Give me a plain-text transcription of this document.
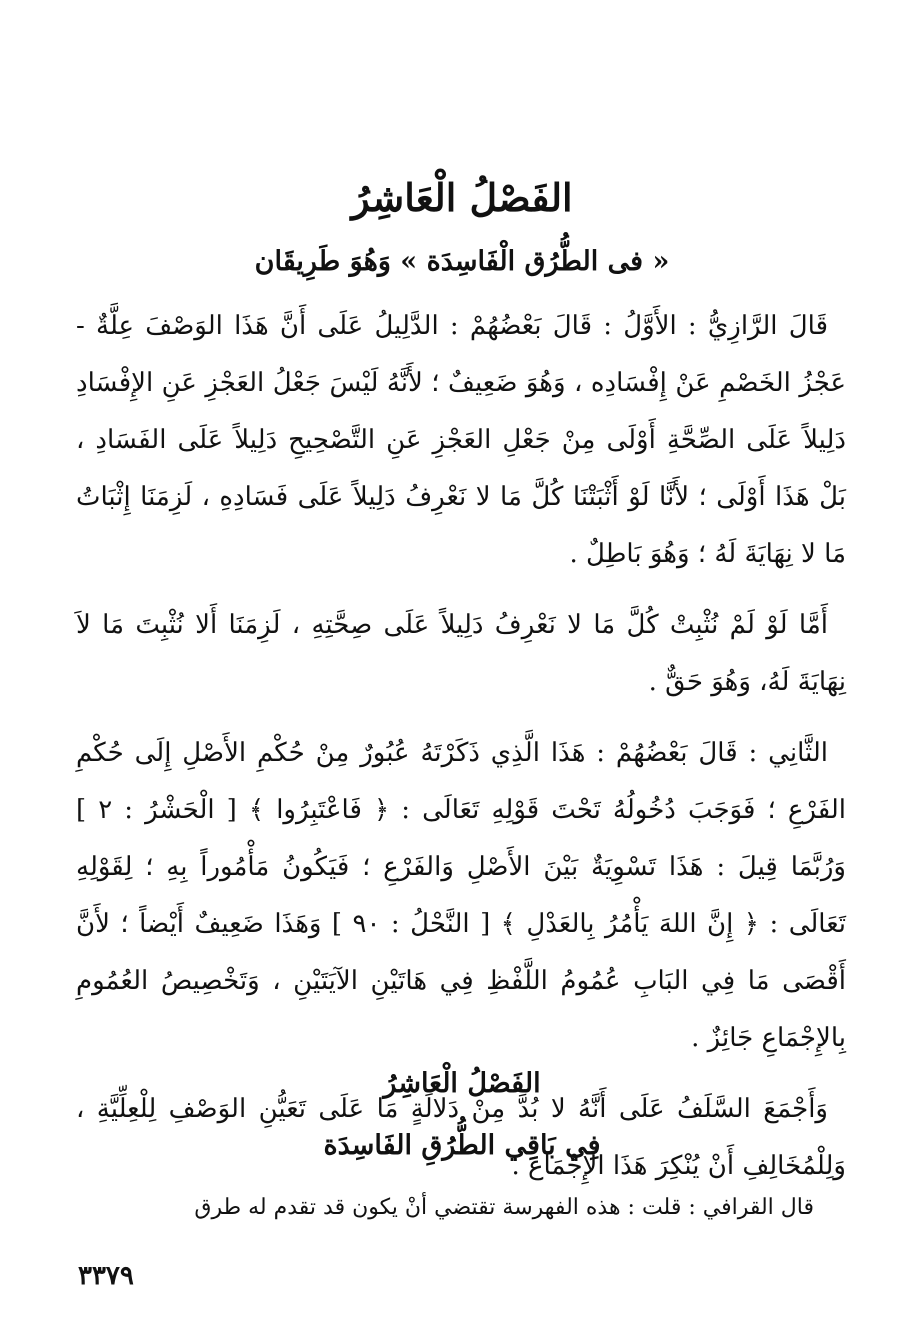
الفَصْلُ الْعَاشِرُ
« فى الطُّرُق الْفَاسِدَة » وَهُوَ طَرِيقَان

قَالَ الرَّازِيُّ : الأَوَّلُ : قَالَ بَعْضُهُمْ : الدَّلِيلُ عَلَى أَنَّ هَذَا الوَصْفَ عِلَّةٌ - عَجْزُ الخَصْمِ عَنْ إِفْسَادِه ، وَهُوَ ضَعِيفٌ ؛ لأَنَّهُ لَيْسَ جَعْلُ العَجْزِ عَنِ الإِفْسَادِ دَلِيلاً عَلَى الصِّحَّةِ أَوْلَى مِنْ جَعْلِ العَجْزِ عَنِ التَّصْحِيحِ دَلِيلاً عَلَى الفَسَادِ ، بَلْ هَذَا أَوْلَى ؛ لأَنَّا لَوْ أَثْبَتْنَا كُلَّ مَا لا نَعْرِفُ دَلِيلاً عَلَى فَسَادِهِ ، لَزِمَنَا إِثْبَاتُ مَا لا نِهَايَةَ لَهُ ؛ وَهُوَ بَاطِلٌ .

أَمَّا لَوْ لَمْ نُثْبِتْ كُلَّ مَا لا نَعْرِفُ دَلِيلاً عَلَى صِحَّتِهِ ، لَزِمَنَا أَلا نُثْبِتَ مَا لاَ نِهَايَةَ لَهُ، وَهُوَ حَقٌّ .

الثَّانِي : قَالَ بَعْضُهُمْ : هَذَا الَّذِي ذَكَرْتَهُ عُبُورٌ مِنْ حُكْمِ الأَصْلِ إِلَى حُكْمِ الفَرْعِ ؛ فَوَجَبَ دُخُولُهُ تَحْتَ قَوْلِهِ تَعَالَى : ﴿ فَاعْتَبِرُوا ﴾ [ الْحَشْرُ : ٢ ] وَرُبَّمَا قِيلَ : هَذَا تَسْوِيَةٌ بَيْنَ الأَصْلِ وَالفَرْعِ ؛ فَيَكُونُ مَأْمُوراً بِهِ ؛ لِقَوْلِهِ تَعَالَى : ﴿ إِنَّ اللهَ يَأْمُرُ بِالعَدْلِ ﴾ [ النَّحْلُ : ٩٠ ] وَهَذَا ضَعِيفٌ أَيْضاً ؛ لأَنَّ أَقْصَى مَا فِي البَابِ عُمُومُ اللَّفْظِ فِي هَاتَيْنِ الآيَتَيْنِ ، وَتَخْصِيصُ العُمُومِ بِالإِجْمَاعِ جَائِزٌ .

وَأَجْمَعَ السَّلَفُ عَلَى أَنَّهُ لا بُدَّ مِنْ دَلالَةٍ مَا عَلَى تَعَيُّنِ الوَصْفِ لِلْعِلِّيَّةِ ، وَلِلْمُخَالِفِ أَنْ يُنْكِرَ هَذَا الإِجْمَاعَ .

الفَصْلُ الْعَاشِرُ
فِي بَاقِي الطُّرُقِ الفَاسِدَة

قال القرافي : قلت : هذه الفهرسة تقتضي أنْ يكون قد تقدم له طرق

٣٣٧٩
